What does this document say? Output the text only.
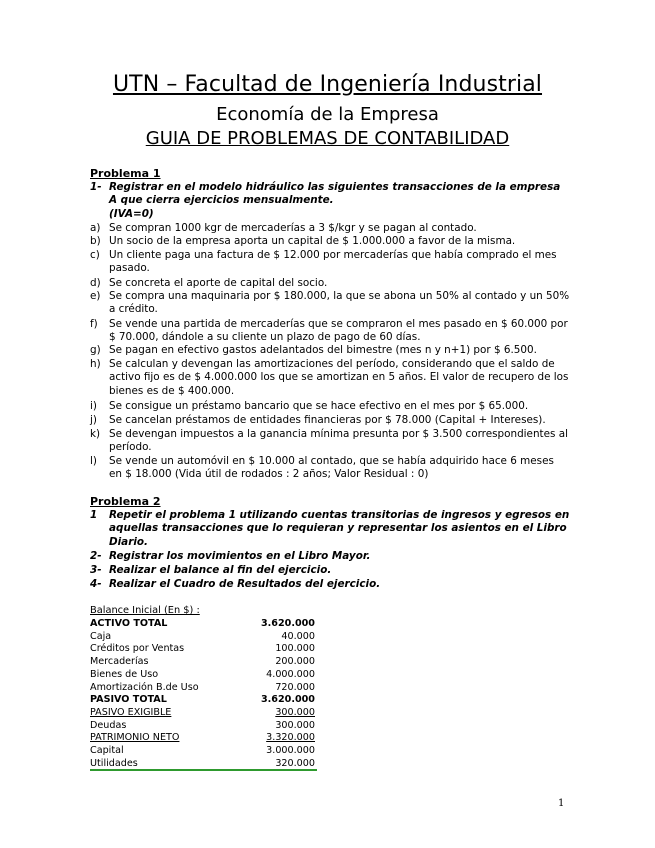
UTN – Facultad de Ingeniería Industrial
Economía de la Empresa
GUIA DE PROBLEMAS DE CONTABILIDAD
Problema 1
1- Registrar en el modelo hidráulico las siguientes transacciones de la empresa A que cierra ejercicios mensualmente.
(IVA=0)
a) Se compran 1000 kgr de mercaderías a 3 $/kgr y se pagan al contado.
b) Un socio de la empresa aporta un capital de $ 1.000.000 a favor de la misma.
c) Un cliente paga una factura de $ 12.000 por mercaderías que había comprado el mes pasado.
d) Se concreta el aporte de capital del socio.
e) Se compra una maquinaria por $ 180.000, la que se abona un 50% al contado y un 50% a crédito.
f) Se vende una partida de mercaderías que se compraron el mes pasado en $ 60.000 por $ 70.000, dándole a su cliente un plazo de pago de 60 días.
g) Se pagan en efectivo gastos adelantados del bimestre (mes n y n+1) por $ 6.500.
h) Se calculan y devengan las amortizaciones del período, considerando que el saldo de activo fijo es de $ 4.000.000 los que se amortizan en 5 años. El valor de recupero de los bienes es de $ 400.000.
i) Se consigue un préstamo bancario que se hace efectivo en el mes por $ 65.000.
j) Se cancelan préstamos de entidades financieras por $ 78.000 (Capital + Intereses).
k) Se devengan impuestos a la ganancia mínima presunta por $ 3.500 correspondientes al período.
l) Se vende un automóvil en $ 10.000 al contado, que se había adquirido hace 6 meses en $ 18.000 (Vida útil de rodados : 2 años; Valor Residual : 0)
Problema 2
1 Repetir el problema 1 utilizando cuentas transitorias de ingresos y egresos en aquellas transacciones que lo requieran y representar los asientos en el Libro Diario.
2- Registrar los movimientos en el Libro Mayor.
3- Realizar el balance al fin del ejercicio.
4- Realizar el Cuadro de Resultados del ejercicio.
Balance Inicial (En $) :
ACTIVO TOTAL	3.620.000
Caja	40.000
Créditos por Ventas	100.000
Mercaderías	200.000
Bienes de Uso	4.000.000
Amortización B.de Uso	720.000
PASIVO TOTAL	3.620.000
PASIVO EXIGIBLE	300.000
Deudas	300.000
PATRIMONIO NETO	3.320.000
Capital	3.000.000
Utilidades	320.000
1
